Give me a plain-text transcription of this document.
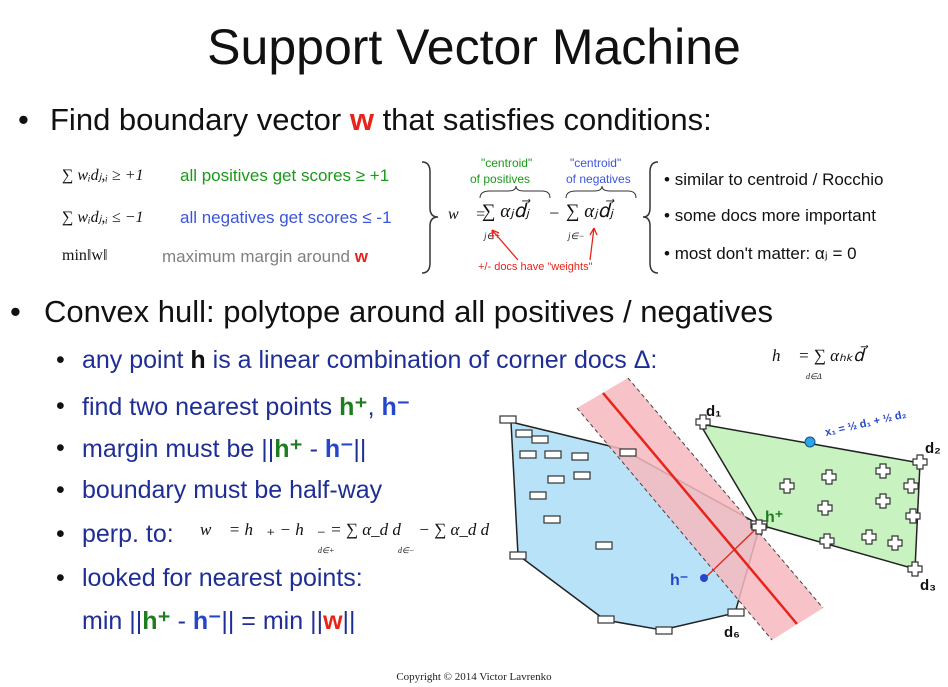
Support Vector Machine
• Find boundary vector w that satisfies conditions:
∑ wᵢdⱼ,ᵢ ≥ +1 all positives get scores ≥ +1
∑ wᵢdⱼ,ᵢ ≤ −1 all negatives get scores ≤ -1
min‖w‖	maximum margin around w
"centroid"
of positives
"centroid"
of negatives
w⃗ =
∑ αⱼd⃗ⱼ − ∑ αⱼd⃗ⱼ
j∈+	j∈−
+/- docs have "weights"
• similar to centroid / Rocchio
• some docs more important
• most don't matter: αⱼ = 0
• Convex hull: polytope around all positives / negatives
• any point h is a linear combination of corner docs Δ:	h⃗ = ∑ αₕₖd⃗
d∈Δ
• find two nearest points h⁺, h⁻
• margin must be ||h⁺ - h⁻||
• boundary must be half-way
• perp. to: w⃗ = h⃗₊ − h⃗₋ = ∑ α_d d⃗ − ∑ α_d d⃗
d∈+	d∈−
• looked for nearest points:
min ||h⁺ - h⁻|| = min ||w||
d₁
d₂
d₃
d₆
h⁺
h⁻
x₁ = ½ d₁ + ½ d₂
Copyright © 2014 Victor Lavrenko
